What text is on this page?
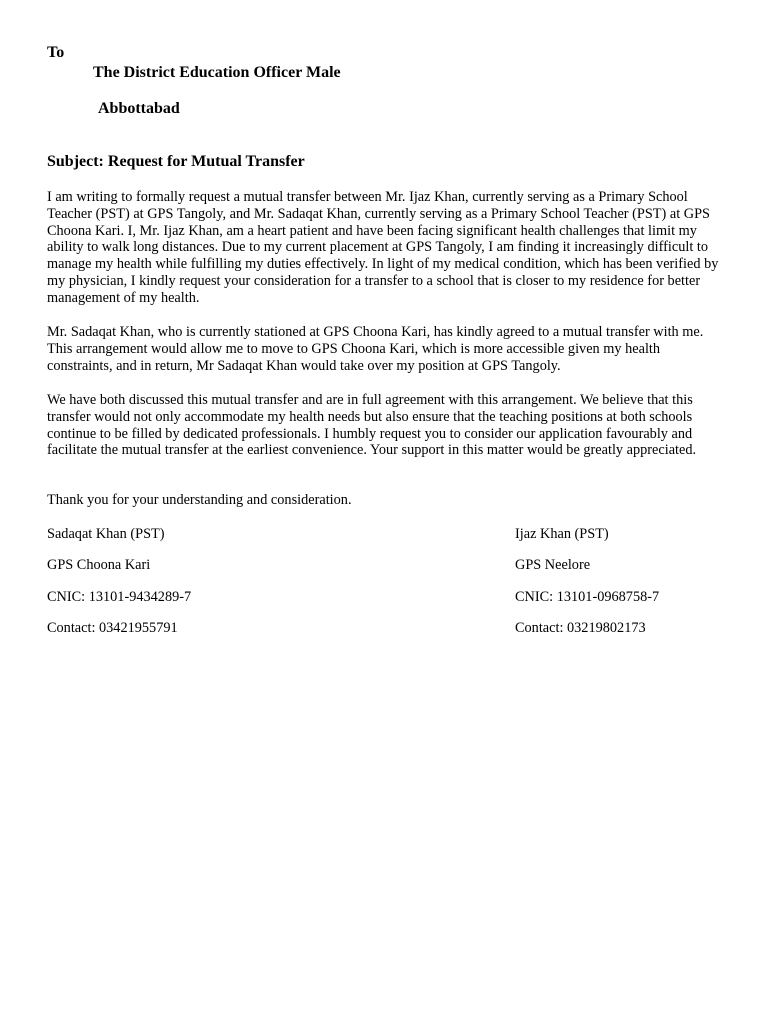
To
The District Education Officer Male
Abbottabad
Subject: Request for Mutual Transfer

I am writing to formally request a mutual transfer between Mr. Ijaz Khan, currently serving as a Primary School Teacher (PST) at GPS Tangoly, and Mr. Sadaqat Khan, currently serving as a Primary School Teacher (PST) at GPS Choona Kari. I, Mr. Ijaz Khan, am a heart patient and have been facing significant health challenges that limit my ability to walk long distances. Due to my current placement at GPS Tangoly, I am finding it increasingly difficult to manage my health while fulfilling my duties effectively. In light of my medical condition, which has been verified by my physician, I kindly request your consideration for a transfer to a school that is closer to my residence for better management of my health.

Mr. Sadaqat Khan, who is currently stationed at GPS Choona Kari, has kindly agreed to a mutual transfer with me. This arrangement would allow me to move to GPS Choona Kari, which is more accessible given my health constraints, and in return, Mr Sadaqat Khan would take over my position at GPS Tangoly.

We have both discussed this mutual transfer and are in full agreement with this arrangement. We believe that this transfer would not only accommodate my health needs but also ensure that the teaching positions at both schools continue to be filled by dedicated professionals. I humbly request you to consider our application favourably and facilitate the mutual transfer at the earliest convenience. Your support in this matter would be greatly appreciated.

Thank you for your understanding and consideration.

Sadaqat Khan (PST)
GPS Choona Kari
CNIC: 13101-9434289-7
Contact: 03421955791
Ijaz Khan (PST)
GPS Neelore
CNIC: 13101-0968758-7
Contact: 03219802173
